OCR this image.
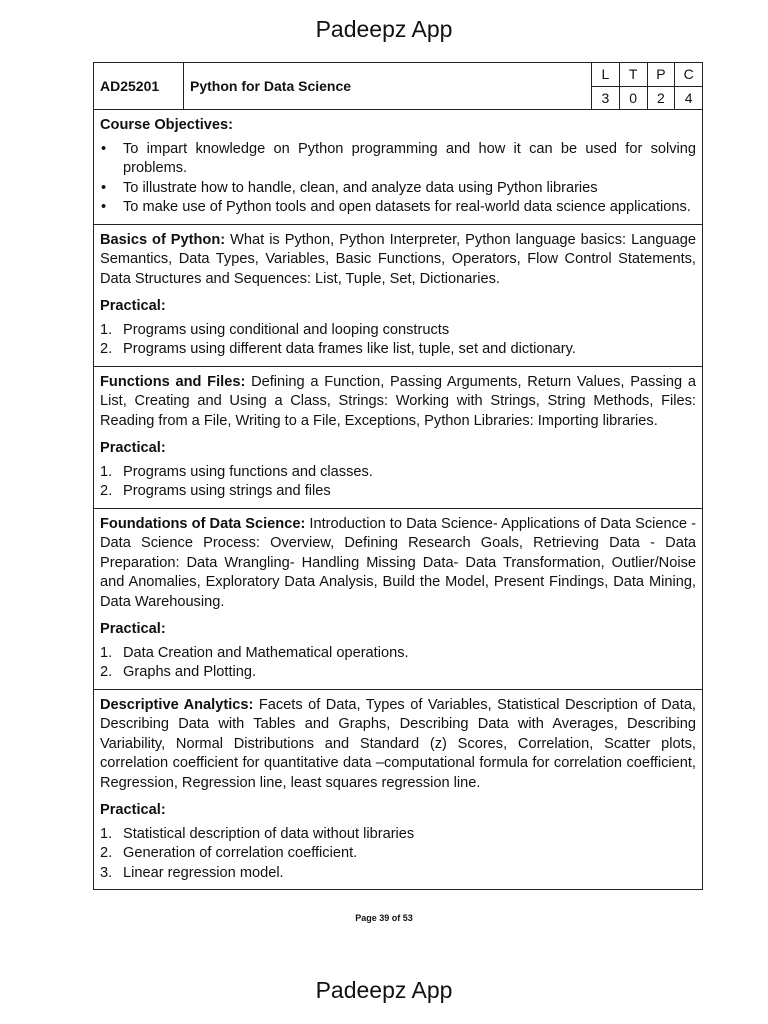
Padeepz App
AD25201	Python for Data Science
L	T	P	C
3	0	2	4
Course Objectives:
• To impart knowledge on Python programming and how it can be used for solving problems.
• To illustrate how to handle, clean, and analyze data using Python libraries
• To make use of Python tools and open datasets for real-world data science applications.

Basics of Python: What is Python, Python Interpreter, Python language basics: Language Semantics, Data Types, Variables, Basic Functions, Operators, Flow Control Statements, Data Structures and Sequences: List, Tuple, Set, Dictionaries.

Practical:
1. Programs using conditional and looping constructs
2. Programs using different data frames like list, tuple, set and dictionary.

Functions and Files: Defining a Function, Passing Arguments, Return Values, Passing a List, Creating and Using a Class, Strings: Working with Strings, String Methods, Files: Reading from a File, Writing to a File, Exceptions, Python Libraries: Importing libraries.

Practical:
1. Programs using functions and classes.
2. Programs using strings and files

Foundations of Data Science: Introduction to Data Science- Applications of Data Science - Data Science Process: Overview, Defining Research Goals, Retrieving Data - Data Preparation: Data Wrangling- Handling Missing Data- Data Transformation, Outlier/Noise and Anomalies, Exploratory Data Analysis, Build the Model, Present Findings, Data Mining, Data Warehousing.

Practical:
1. Data Creation and Mathematical operations.
2. Graphs and Plotting.

Descriptive Analytics: Facets of Data, Types of Variables, Statistical Description of Data, Describing Data with Tables and Graphs, Describing Data with Averages, Describing Variability, Normal Distributions and Standard (z) Scores, Correlation, Scatter plots, correlation coefficient for quantitative data –computational formula for correlation coefficient, Regression, Regression line, least squares regression line.

Practical:
1. Statistical description of data without libraries
2. Generation of correlation coefficient.
3. Linear regression model.
Page 39 of 53
Padeepz App
